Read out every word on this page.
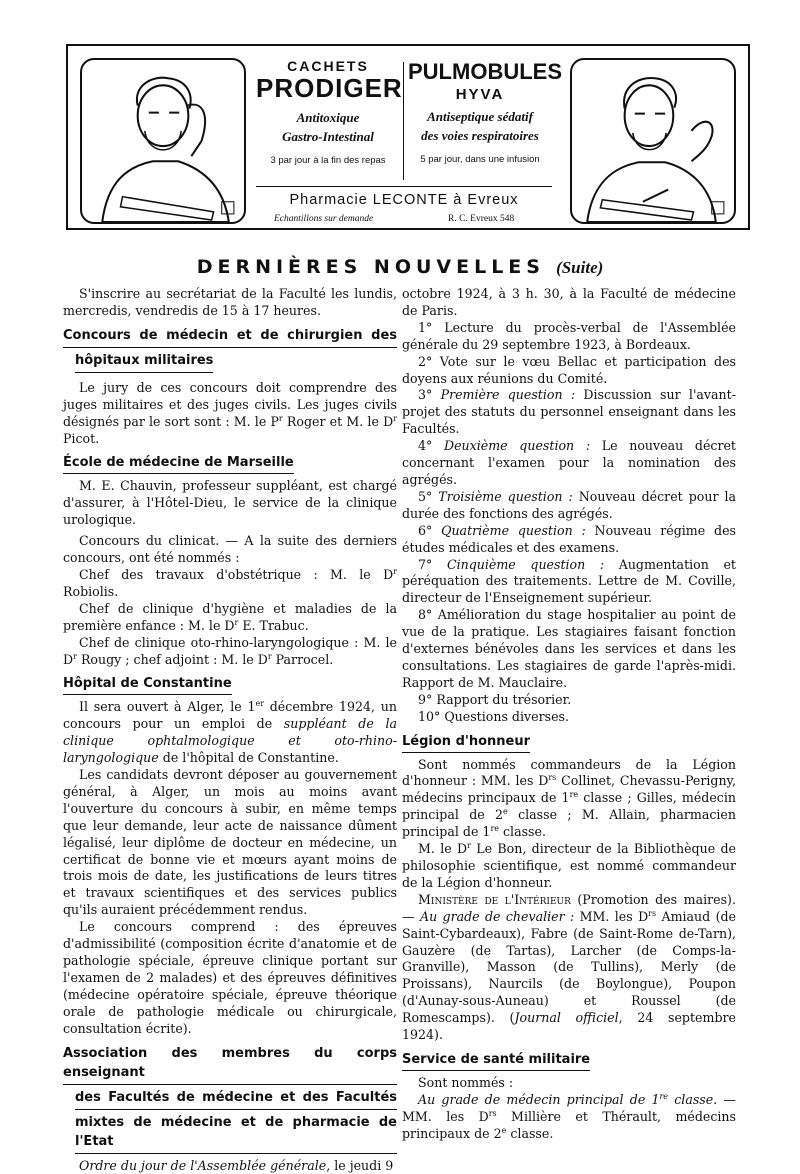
CACHETS
PRODIGER
Antitoxique
Gastro-Intestinal
3 par jour à la fin des repas
PULMOBULES
HYVA
Antiseptique sédatif
des voies respiratoires
5 par jour, dans une infusion
Pharmacie LECONTE à Evreux
Echantillons sur demande	R. C. Evreux 548
DERNIÈRES NOUVELLES (Suite)

S'inscrire au secrétariat de la Faculté les lundis, mercredis, vendredis de 15 à 17 heures.

Concours de médecin et de chirurgien des
hôpitaux militaires

Le jury de ces concours doit comprendre des juges militaires et des juges civils. Les juges civils désignés par le sort sont : M. le $P^r$ Roger et M. le $D^r$ Picot.

École de médecine de Marseille

M. E. Chauvin, professeur suppléant, est chargé d'assurer, à l'Hôtel-Dieu, le service de la clinique urologique.

Concours du clinicat. — A la suite des derniers concours, ont été nommés :

Chef des travaux d'obstétrique : M. le $D^r$ Robiolis.

Chef de clinique d'hygiène et maladies de la première enfance : M. le $D^r$ E. Trabuc.

Chef de clinique oto-rhino-laryngologique : M. le $D^r$ Rougy ; chef adjoint : M. le $D^r$ Parrocel.

Hôpital de Constantine

Il sera ouvert à Alger, le 1er décembre 1924, un concours pour un emploi de suppléant de la clinique ophtalmologique et oto-rhino-laryngologique de l'hôpital de Constantine.

Les candidats devront déposer au gouvernement général, à Alger, un mois au moins avant l'ouverture du concours à subir, en même temps que leur demande, leur acte de naissance dûment légalisé, leur diplôme de docteur en médecine, un certificat de bonne vie et mœurs ayant moins de trois mois de date, les justifications de leurs titres et travaux scientifiques et des services publics qu'ils auraient précédemment rendus.

Le concours comprend : des épreuves d'admissibilité (composition écrite d'anatomie et de pathologie spéciale, épreuve clinique portant sur l'examen de 2 malades) et des épreuves définitives (médecine opératoire spéciale, épreuve théorique orale de pathologie médicale ou chirurgicale, consultation écrite).

Association des membres du corps enseignant
des Facultés de médecine et des Facultés
mixtes de médecine et de pharmacie de l'Etat

Ordre du jour de l'Assemblée générale, le jeudi 9

octobre 1924, à 3 h. 30, à la Faculté de médecine de Paris.

1° Lecture du procès-verbal de l'Assemblée générale du 29 septembre 1923, à Bordeaux.

2° Vote sur le vœu Bellac et participation des doyens aux réunions du Comité.

3° Première question : Discussion sur l'avant-projet des statuts du personnel enseignant dans les Facultés.

4° Deuxième question : Le nouveau décret concernant l'examen pour la nomination des agrégés.

5° Troisième question : Nouveau décret pour la durée des fonctions des agrégés.

6° Quatrième question : Nouveau régime des études médicales et des examens.

7° Cinquième question : Augmentation et péréquation des traitements. Lettre de M. Coville, directeur de l'Enseignement supérieur.

8° Amélioration du stage hospitalier au point de vue de la pratique. Les stagiaires faisant fonction d'externes bénévoles dans les services et dans les consultations. Les stagiaires de garde l'après-midi. Rapport de M. Mauclaire.

9° Rapport du trésorier.

10° Questions diverses.

Légion d'honneur

Sont nommés commandeurs de la Légion d'honneur : MM. les $D^{rs}$ Collinet, Chevassu-Perigny, médecins principaux de 1re classe ; Gilles, médecin principal de 2e classe ; M. Allain, pharmacien principal de 1re classe.

M. le $D^r$ Le Bon, directeur de la Bibliothèque de philosophie scientifique, est nommé commandeur de la Légion d'honneur.

Ministère de l'Intérieur (Promotion des maires). — Au grade de chevalier : MM. les $D^{rs}$ Amiaud (de Saint-Cybardeaux), Fabre (de Saint-Rome de-Tarn), Gauzère (de Tartas), Larcher (de Comps-la-Granville), Masson (de Tullins), Merly (de Proissans), Naurcils (de Boylongue), Poupon (d'Aunay-sous-Auneau) et Roussel (de Romescamps). (Journal officiel, 24 septembre 1924).

Service de santé militaire

Sont nommés :

Au grade de médecin principal de 1re classe. — MM. les $D^{rs}$ Millière et Thérault, médecins principaux de 2e classe.
